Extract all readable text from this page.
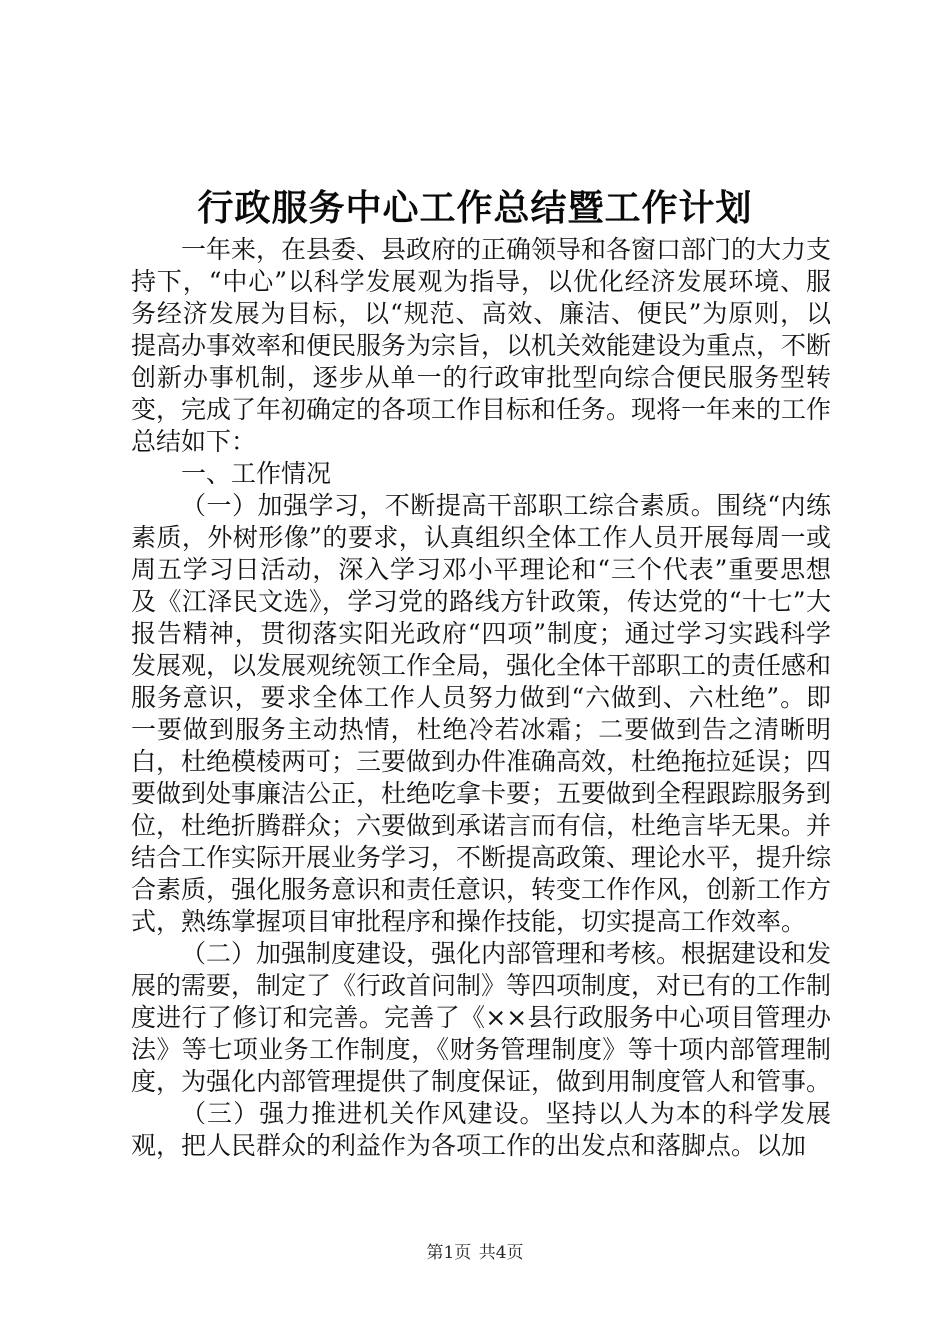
行政服务中心工作总结暨工作计划

一年来，在县委、县政府的正确领导和各窗口部门的大力支持下，“中心”以科学发展观为指导，以优化经济发展环境、服务经济发展为目标，以“规范、高效、廉洁、便民”为原则，以提高办事效率和便民服务为宗旨，以机关效能建设为重点，不断创新办事机制，逐步从单一的行政审批型向综合便民服务型转变，完成了年初确定的各项工作目标和任务。现将一年来的工作总结如下：

一、工作情况

（一）加强学习，不断提高干部职工综合素质。围绕“内练素质，外树形像”的要求，认真组织全体工作人员开展每周一或周五学习日活动，深入学习邓小平理论和“三个代表”重要思想及《江泽民文选》，学习党的路线方针政策，传达党的“十七”大报告精神，贯彻落实阳光政府“四项”制度；通过学习实践科学发展观，以发展观统领工作全局，强化全体干部职工的责任感和服务意识，要求全体工作人员努力做到“六做到、六杜绝”。即一要做到服务主动热情，杜绝冷若冰霜；二要做到告之清晰明白，杜绝模棱两可；三要做到办件准确高效，杜绝拖拉延误；四要做到处事廉洁公正，杜绝吃拿卡要；五要做到全程跟踪服务到位，杜绝折腾群众；六要做到承诺言而有信，杜绝言毕无果。并结合工作实际开展业务学习，不断提高政策、理论水平，提升综合素质，强化服务意识和责任意识，转变工作作风，创新工作方式，熟练掌握项目审批程序和操作技能，切实提高工作效率。

（二）加强制度建设，强化内部管理和考核。根据建设和发展的需要，制定了《行政首问制》等四项制度，对已有的工作制度进行了修订和完善。完善了《××县行政服务中心项目管理办法》等七项业务工作制度，《财务管理制度》等十项内部管理制度，为强化内部管理提供了制度保证，做到用制度管人和管事。

（三）强力推进机关作风建设。坚持以人为本的科学发展观，把人民群众的利益作为各项工作的出发点和落脚点。以加

第1页 共4页
